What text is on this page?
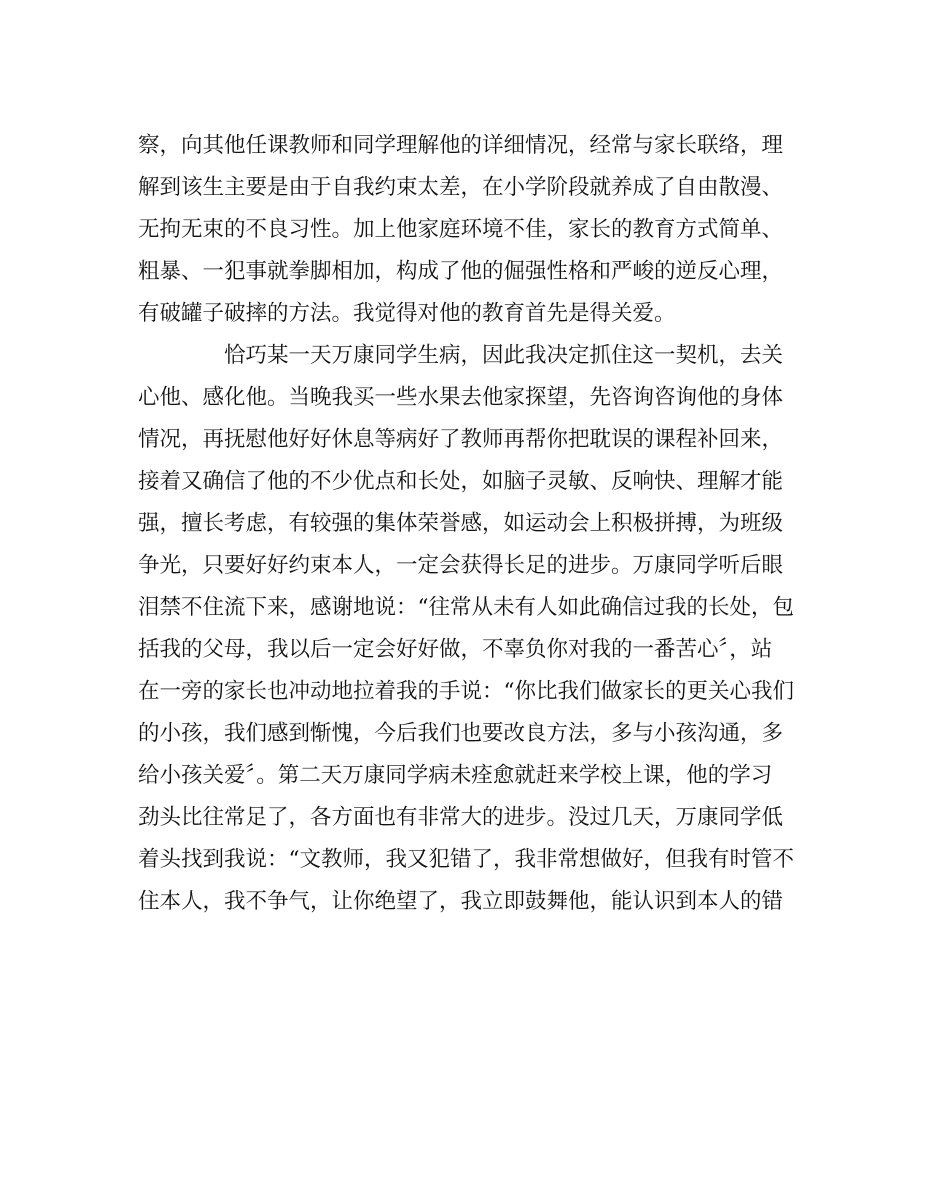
察，向其他任课教师和同学理解他的详细情况，经常与家长联络，理
解到该生主要是由于自我约束太差，在小学阶段就养成了自由散漫、
无拘无束的不良习性。加上他家庭环境不佳，家长的教育方式简单、
粗暴、一犯事就拳脚相加，构成了他的倔强性格和严峻的逆反心理，
有破罐子破摔的方法。我觉得对他的教育首先是得关爱。
恰巧某一天万康同学生病，因此我决定抓住这一契机，去关
心他、感化他。当晚我买一些水果去他家探望，先咨询咨询他的身体
情况，再抚慰他好好休息等病好了教师再帮你把耽误的课程补回来，
接着又确信了他的不少优点和长处，如脑子灵敏、反响快、理解才能
强，擅长考虑，有较强的集体荣誉感，如运动会上积极拼搏，为班级
争光，只要好好约束本人，一定会获得长足的进步。万康同学听后眼
泪禁不住流下来，感谢地说：“往常从未有人如此确信过我的长处，包
括我的父母，我以后一定会好好做，不辜负你对我的一番苦心〞，站
在一旁的家长也冲动地拉着我的手说：“你比我们做家长的更关心我们
的小孩，我们感到惭愧，今后我们也要改良方法，多与小孩沟通，多
给小孩关爱〞。第二天万康同学病未痊愈就赶来学校上课，他的学习
劲头比往常足了，各方面也有非常大的进步。没过几天，万康同学低
着头找到我说：“文教师，我又犯错了，我非常想做好，但我有时管不
住本人，我不争气，让你绝望了，我立即鼓舞他，能认识到本人的错
